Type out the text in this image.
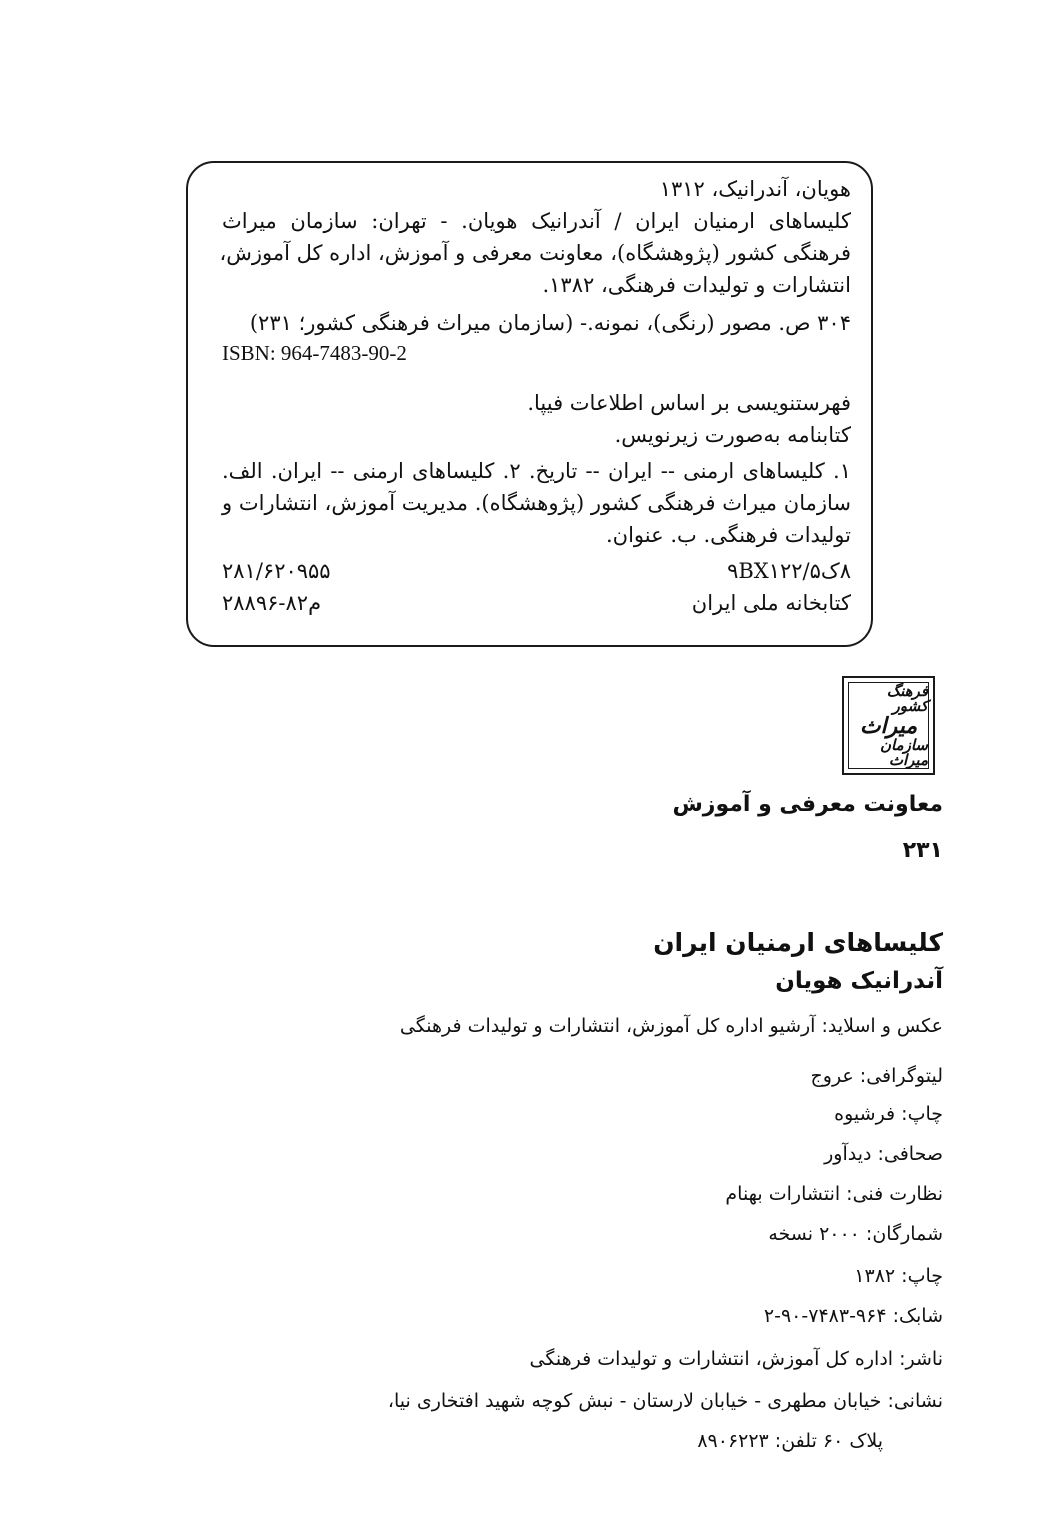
هویان، آندرانیک، ۱۳۱۲
کلیساهای ارمنیان ایران / آندرانیک هویان. - تهران: سازمان میراث
فرهنگی کشور (پژوهشگاه)، معاونت معرفی و آموزش، اداره کل آموزش،
انتشارات و تولیدات فرهنگی، ۱۳۸۲.
۳۰۴ ص. مصور (رنگی)، نمونه.- (سازمان میراث فرهنگی کشور؛ ۲۳۱)
ISBN: 964-7483-90-2
فهرستنویسی بر اساس اطلاعات فیپا.
کتابنامه به‌صورت زیرنویس.
۱. کلیساهای ارمنی -- ایران -- تاریخ. ۲. کلیساهای ارمنی -- ایران. الف.
سازمان میراث فرهنگی کشور (پژوهشگاه). مدیریت آموزش، انتشارات و
تولیدات فرهنگی. ب. عنوان.
۸ک۹BX۱۲۲/۵
۲۸۱/۶۲۰۹۵۵
کتابخانه ملی ایران
م۸۲-۲۸۸۹۶
فرهنگ کشور
میراث
سازمان میراث
معاونت معرفی و آموزش
۲۳۱
کلیساهای ارمنیان ایران
آندرانیک هویان
عکس و اسلاید: آرشیو اداره کل آموزش، انتشارات و تولیدات فرهنگی
لیتوگرافی: عروج
چاپ: فرشیوه
صحافی: دیدآور
نظارت فنی: انتشارات بهنام
شمارگان: ۲۰۰۰ نسخه
چاپ: ۱۳۸۲
شابک: ۹۶۴-۷۴۸۳-۹۰-۲
ناشر: اداره کل آموزش، انتشارات و تولیدات فرهنگی
نشانی: خیابان مطهری - خیابان لارستان - نبش کوچه شهید افتخاری نیا،
پلاک ۶۰ تلفن: ۸۹۰۶۲۲۳
